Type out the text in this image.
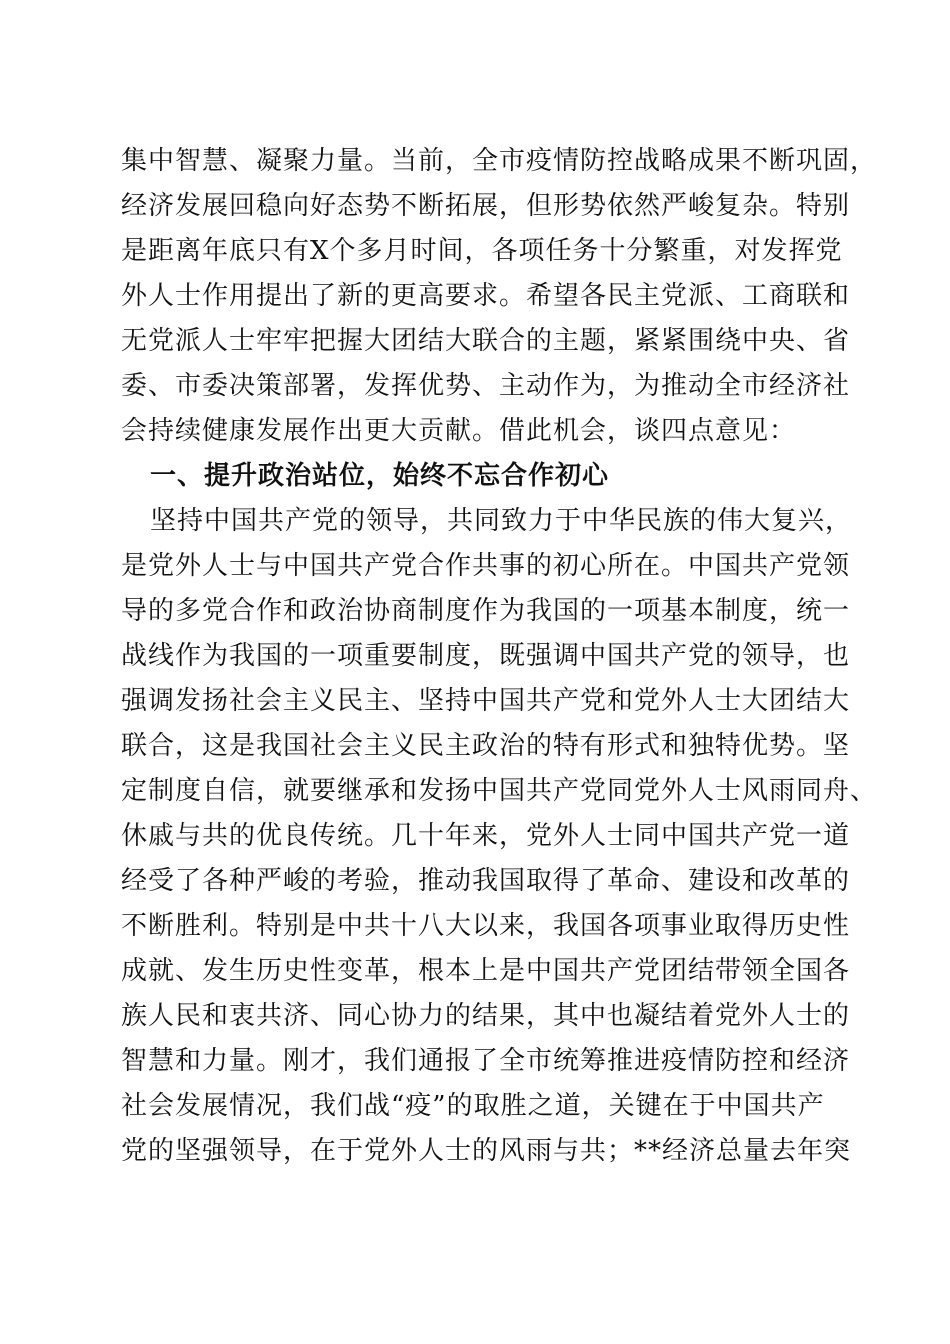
集中智慧、凝聚力量。当前，全市疫情防控战略成果不断巩固，
经济发展回稳向好态势不断拓展，但形势依然严峻复杂。特别
是距离年底只有X个多月时间，各项任务十分繁重，对发挥党
外人士作用提出了新的更高要求。希望各民主党派、工商联和
无党派人士牢牢把握大团结大联合的主题，紧紧围绕中央、省
委、市委决策部署，发挥优势、主动作为，为推动全市经济社
会持续健康发展作出更大贡献。借此机会，谈四点意见：
一、提升政治站位，始终不忘合作初心
坚持中国共产党的领导，共同致力于中华民族的伟大复兴，
是党外人士与中国共产党合作共事的初心所在。中国共产党领
导的多党合作和政治协商制度作为我国的一项基本制度，统一
战线作为我国的一项重要制度，既强调中国共产党的领导，也
强调发扬社会主义民主、坚持中国共产党和党外人士大团结大
联合，这是我国社会主义民主政治的特有形式和独特优势。坚
定制度自信，就要继承和发扬中国共产党同党外人士风雨同舟、
休戚与共的优良传统。几十年来，党外人士同中国共产党一道
经受了各种严峻的考验，推动我国取得了革命、建设和改革的
不断胜利。特别是中共十八大以来，我国各项事业取得历史性
成就、发生历史性变革，根本上是中国共产党团结带领全国各
族人民和衷共济、同心协力的结果，其中也凝结着党外人士的
智慧和力量。刚才，我们通报了全市统筹推进疫情防控和经济
社会发展情况，我们战“疫”的取胜之道，关键在于中国共产
党的坚强领导，在于党外人士的风雨与共；**经济总量去年突
